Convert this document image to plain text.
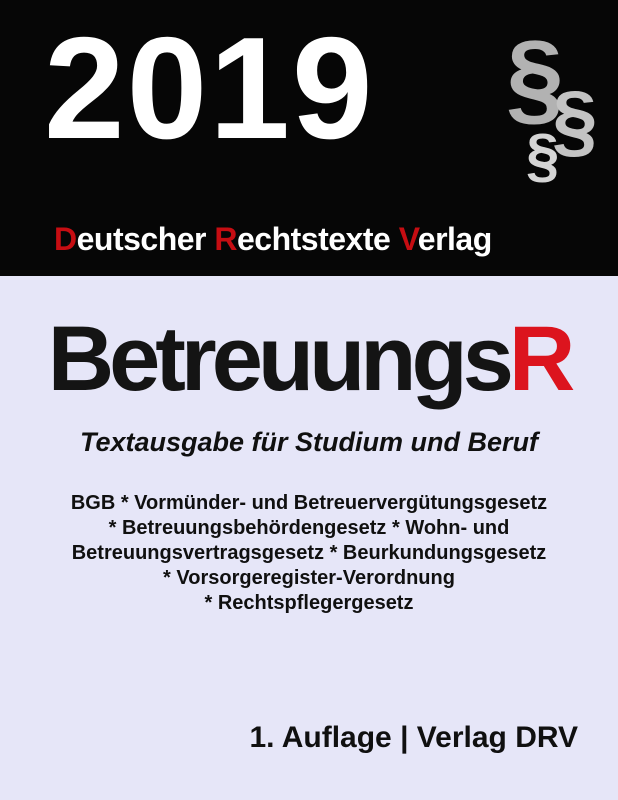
2019 §
§
§
Deutscher Rechtstexte Verlag
BetreuungsR
Textausgabe für Studium und Beruf
BGB * Vormünder- und Betreuervergütungsgesetz
* Betreuungsbehördengesetz * Wohn- und
Betreuungsvertragsgesetz * Beurkundungsgesetz
* Vorsorgeregister-Verordnung
* Rechtspflegergesetz
1. Auflage | Verlag DRV
